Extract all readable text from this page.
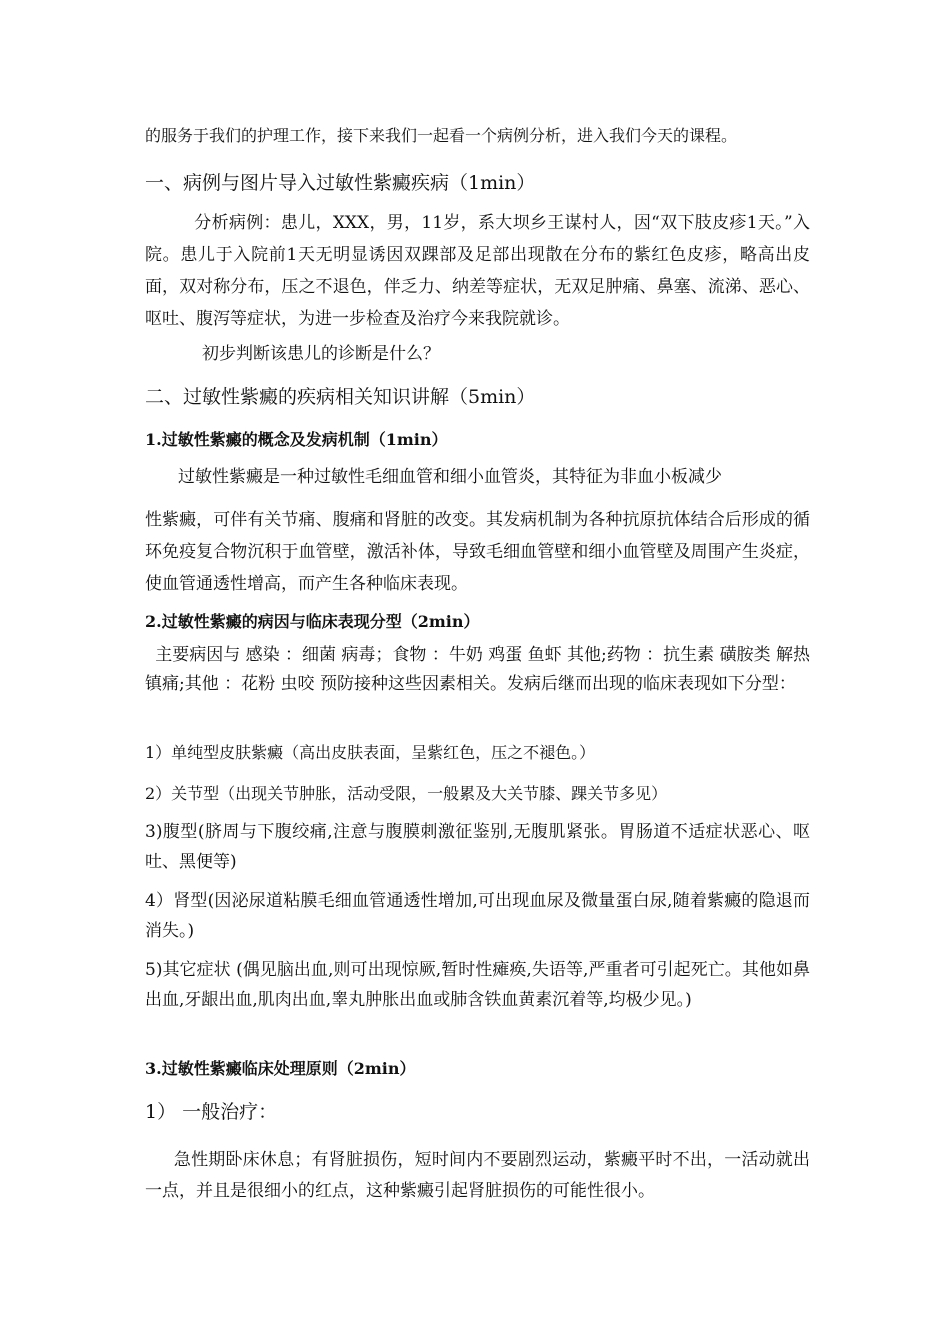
的服务于我们的护理工作，接下来我们一起看一个病例分析，进入我们今天的课程。
一、病例与图片导入过敏性紫癜疾病（1min）
分析病例：患儿，XXX，男，11岁，系大坝乡王谋村人，因“双下肢皮疹1天。”入院。患儿于入院前1天无明显诱因双踝部及足部出现散在分布的紫红色皮疹，略高出皮面，双对称分布，压之不退色，伴乏力、纳差等症状，无双足肿痛、鼻塞、流涕、恶心、呕吐、腹泻等症状，为进一步检查及治疗今来我院就诊。
初步判断该患儿的诊断是什么？
二、过敏性紫癜的疾病相关知识讲解（5min）
1.过敏性紫癜的概念及发病机制（1min）
过敏性紫癜是一种过敏性毛细血管和细小血管炎，其特征为非血小板减少
性紫癜，可伴有关节痛、腹痛和肾脏的改变。其发病机制为各种抗原抗体结合后形成的循环免疫复合物沉积于血管壁，激活补体，导致毛细血管壁和细小血管壁及周围产生炎症，使血管通透性增高，而产生各种临床表现。
2.过敏性紫癜的病因与临床表现分型（2min）
主要病因与 感染 ：细菌 病毒；食物 ：牛奶 鸡蛋 鱼虾 其他;药物 ：抗生素 磺胺类 解热镇痛;其他 ：花粉 虫咬 预防接种这些因素相关。发病后继而出现的临床表现如下分型：
1）单纯型皮肤紫癜（高出皮肤表面，呈紫红色，压之不褪色。）
2）关节型（出现关节肿胀，活动受限，一般累及大关节膝、踝关节多见）
3)腹型(脐周与下腹绞痛,注意与腹膜刺激征鉴别,无腹肌紧张。胃肠道不适症状恶心、呕吐、黑便等)
4）肾型(因泌尿道粘膜毛细血管通透性增加,可出现血尿及微量蛋白尿,随着紫癜的隐退而消失。)
5)其它症状 (偶见脑出血,则可出现惊厥,暂时性瘫痪,失语等,严重者可引起死亡。其他如鼻出血,牙龈出血,肌肉出血,睾丸肿胀出血或肺含铁血黄素沉着等,均极少见。)
3.过敏性紫癜临床处理原则（2min）
1） 一般治疗：
急性期卧床休息；有肾脏损伤，短时间内不要剧烈运动，紫癜平时不出，一活动就出一点，并且是很细小的红点，这种紫癜引起肾脏损伤的可能性很小。
